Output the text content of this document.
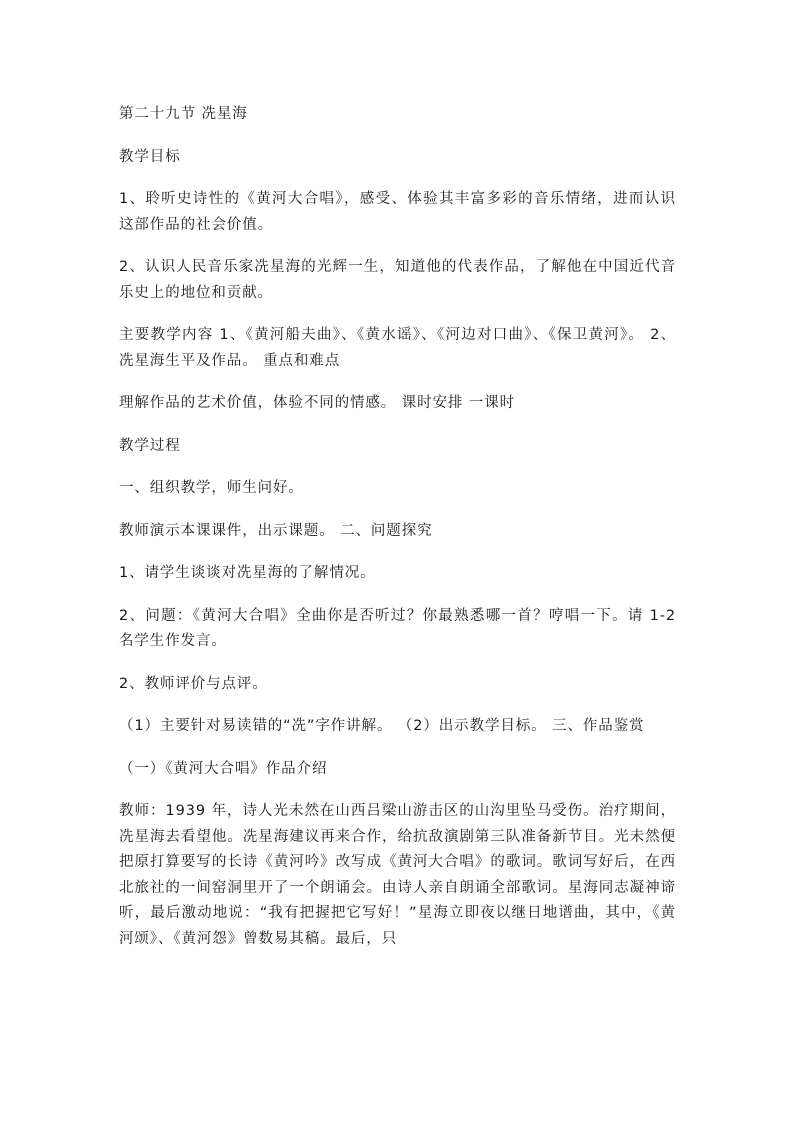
第二十九节 冼星海

教学目标

1、聆听史诗性的《黄河大合唱》，感受、体验其丰富多彩的音乐情绪，进而认识这部作品的社会价值。

2、认识人民音乐家冼星海的光辉一生，知道他的代表作品，了解他在中国近代音乐史上的地位和贡献。

主要教学内容 1、《黄河船夫曲》、《黄水谣》、《河边对口曲》、《保卫黄河》。 2、冼星海生平及作品。 重点和难点

理解作品的艺术价值，体验不同的情感。 课时安排 一课时

教学过程

一、组织教学，师生问好。

教师演示本课课件，出示课题。 二、问题探究

1、请学生谈谈对冼星海的了解情况。

2、问题：《黄河大合唱》全曲你是否听过？你最熟悉哪一首？哼唱一下。请 1-2 名学生作发言。

2、教师评价与点评。

（1）主要针对易读错的“冼”字作讲解。 （2）出示教学目标。 三、作品鉴赏

（一）《黄河大合唱》作品介绍

教师：1939 年，诗人光未然在山西吕梁山游击区的山沟里坠马受伤。治疗期间，冼星海去看望他。冼星海建议再来合作，给抗敌演剧第三队准备新节目。光未然便把原打算要写的长诗《黄河吟》改写成《黄河大合唱》的歌词。歌词写好后，在西北旅社的一间窑洞里开了一个朗诵会。由诗人亲自朗诵全部歌词。星海同志凝神谛听，最后激动地说：“我有把握把它写好！”星海立即夜以继日地谱曲，其中，《黄河颂》、《黄河怨》曾数易其稿。最后，只
